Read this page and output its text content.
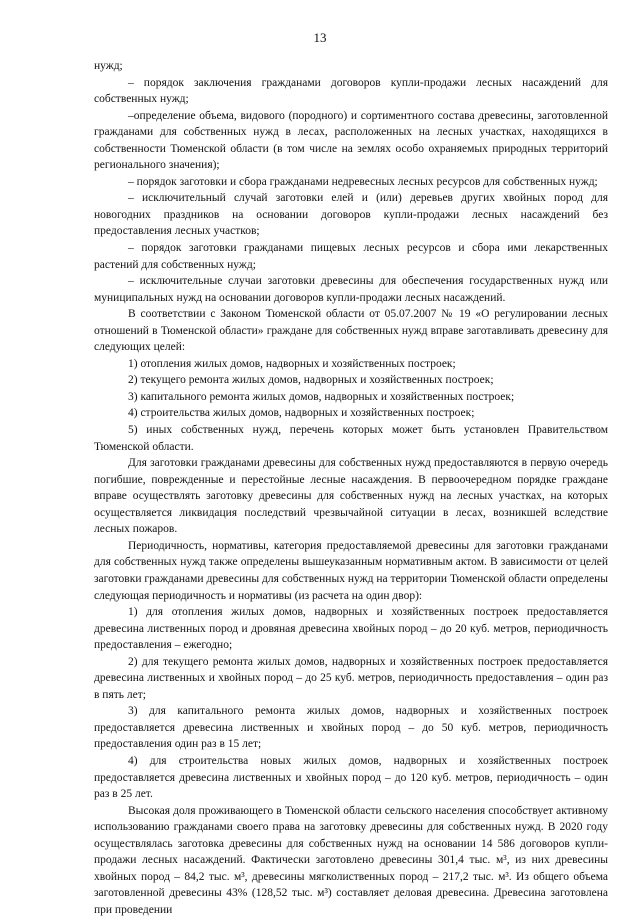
13

нужд;

– порядок заключения гражданами договоров купли-продажи лесных насаждений для собственных нужд;

–определение объема, видового (породного) и сортиментного состава древесины, заготовленной гражданами для собственных нужд в лесах, расположенных на лесных участках, находящихся в собственности Тюменской области (в том числе на землях особо охраняемых природных территорий регионального значения);

– порядок заготовки и сбора гражданами недревесных лесных ресурсов для собственных нужд;

– исключительный случай заготовки елей и (или) деревьев других хвойных пород для новогодних праздников на основании договоров купли-продажи лесных насаждений без предоставления лесных участков;

– порядок заготовки гражданами пищевых лесных ресурсов и сбора ими лекарственных растений для собственных нужд;

– исключительные случаи заготовки древесины для обеспечения государственных нужд или муниципальных нужд на основании договоров купли-продажи лесных насаждений.

В соответствии с Законом Тюменской области от 05.07.2007 № 19 «О регулировании лесных отношений в Тюменской области» граждане для собственных нужд вправе заготавливать древесину для следующих целей:

1) отопления жилых домов, надворных и хозяйственных построек;

2) текущего ремонта жилых домов, надворных и хозяйственных построек;

3) капитального ремонта жилых домов, надворных и хозяйственных построек;

4) строительства жилых домов, надворных и хозяйственных построек;

5) иных собственных нужд, перечень которых может быть установлен Правительством Тюменской области.

Для заготовки гражданами древесины для собственных нужд предоставляются в первую очередь погибшие, поврежденные и перестойные лесные насаждения. В первоочередном порядке граждане вправе осуществлять заготовку древесины для собственных нужд на лесных участках, на которых осуществляется ликвидация последствий чрезвычайной ситуации в лесах, возникшей вследствие лесных пожаров.

Периодичность, нормативы, категория предоставляемой древесины для заготовки гражданами для собственных нужд также определены вышеуказанным нормативным актом. В зависимости от целей заготовки гражданами древесины для собственных нужд на территории Тюменской области определены следующая периодичность и нормативы (из расчета на один двор):

1) для отопления жилых домов, надворных и хозяйственных построек предоставляется древесина лиственных пород и дровяная древесина хвойных пород – до 20 куб. метров, периодичность предоставления – ежегодно;

2) для текущего ремонта жилых домов, надворных и хозяйственных построек предоставляется древесина лиственных и хвойных пород – до 25 куб. метров, периодичность предоставления – один раз в пять лет;

3) для капитального ремонта жилых домов, надворных и хозяйственных построек предоставляется древесина лиственных и хвойных пород – до 50 куб. метров, периодичность предоставления один раз в 15 лет;

4) для строительства новых жилых домов, надворных и хозяйственных построек предоставляется древесина лиственных и хвойных пород – до 120 куб. метров, периодичность – один раз в 25 лет.

Высокая доля проживающего в Тюменской области сельского населения способствует активному использованию гражданами своего права на заготовку древесины для собственных нужд. В 2020 году осуществлялась заготовка древесины для собственных нужд на основании 14 586 договоров купли-продажи лесных насаждений. Фактически заготовлено древесины 301,4 тыс. м³, из них древесины хвойных пород – 84,2 тыс. м³, древесины мягколиственных пород – 217,2 тыс. м³. Из общего объема заготовленной древесины 43% (128,52 тыс. м³) составляет деловая древесина. Древесина заготовлена при проведении
